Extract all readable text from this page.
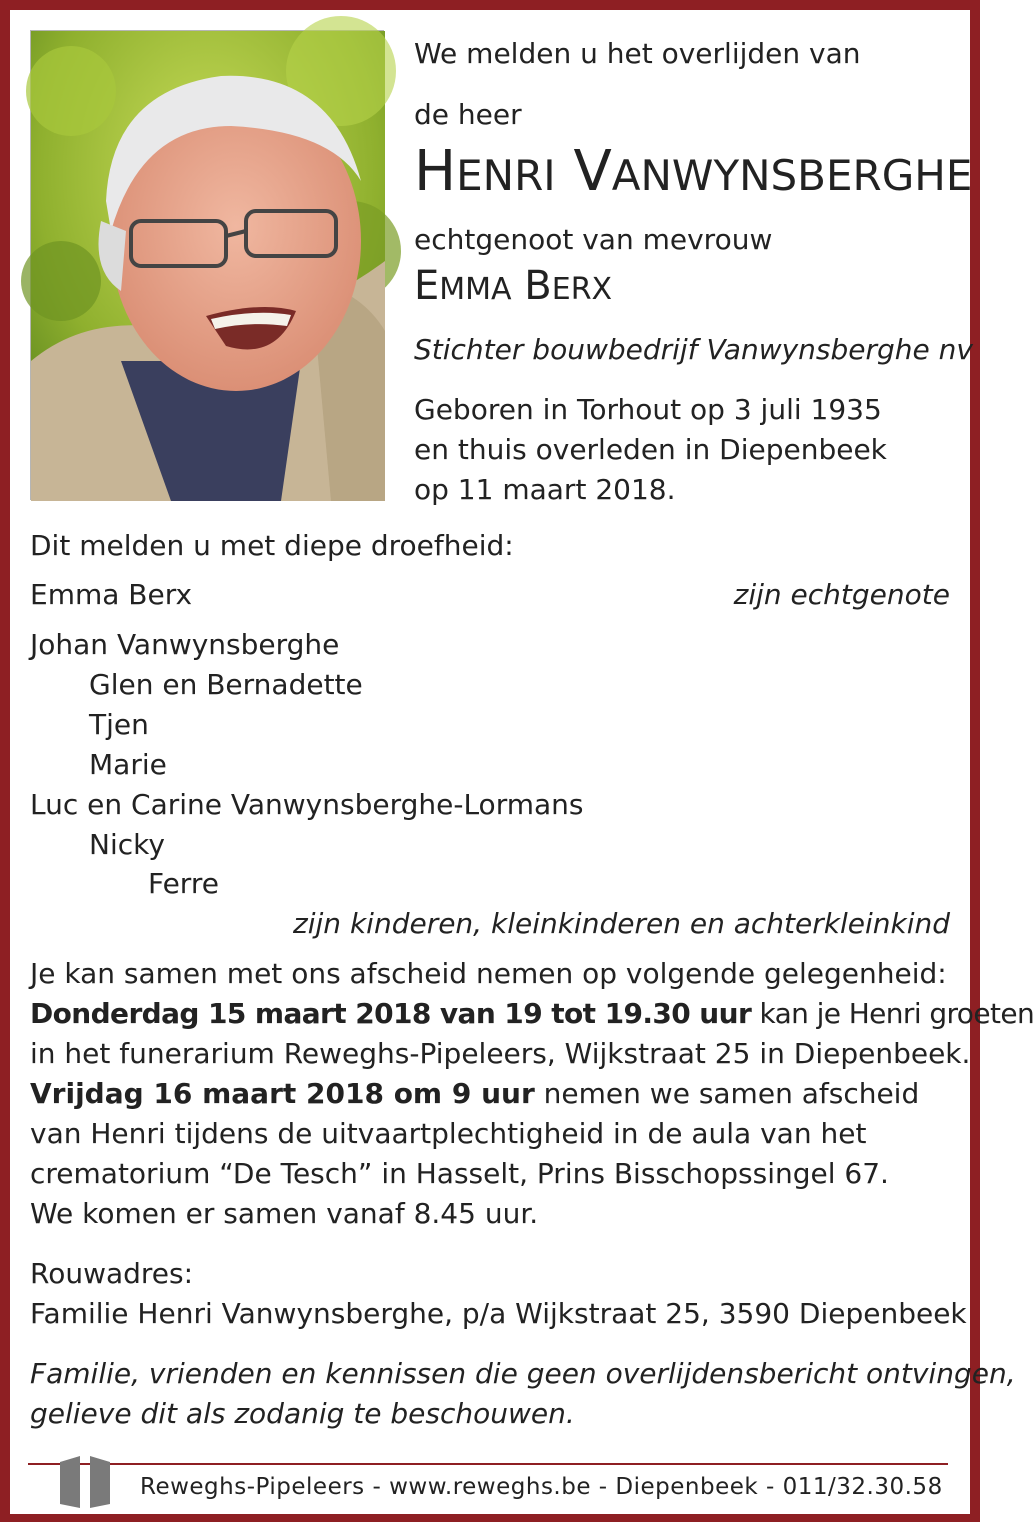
We melden u het overlijden van
de heer
HENRI VANWYNSBERGHE
echtgenoot van mevrouw
EMMA BERX
Stichter bouwbedrijf Vanwynsberghe nv
Geboren in Torhout op 3 juli 1935
en thuis overleden in Diepenbeek
op 11 maart 2018.
Dit melden u met diepe droefheid:
Emma Berx	zijn echtgenote
Johan Vanwynsberghe
Glen en Bernadette
Tjen
Marie
Luc en Carine Vanwynsberghe-Lormans
Nicky
Ferre
zijn kinderen, kleinkinderen en achterkleinkind
Je kan samen met ons afscheid nemen op volgende gelegenheid:
Donderdag 15 maart 2018 van 19 tot 19.30 uur kan je Henri groeten
in het funerarium Reweghs-Pipeleers, Wijkstraat 25 in Diepenbeek.
Vrijdag 16 maart 2018 om 9 uur nemen we samen afscheid
van Henri tijdens de uitvaartplechtigheid in de aula van het
crematorium “De Tesch” in Hasselt, Prins Bisschopssingel 67.
We komen er samen vanaf 8.45 uur.
Rouwadres:
Familie Henri Vanwynsberghe, p/a Wijkstraat 25, 3590 Diepenbeek
Familie, vrienden en kennissen die geen overlijdensbericht ontvingen,
gelieve dit als zodanig te beschouwen.
Reweghs-Pipeleers - www.reweghs.be - Diepenbeek - 011/32.30.58
